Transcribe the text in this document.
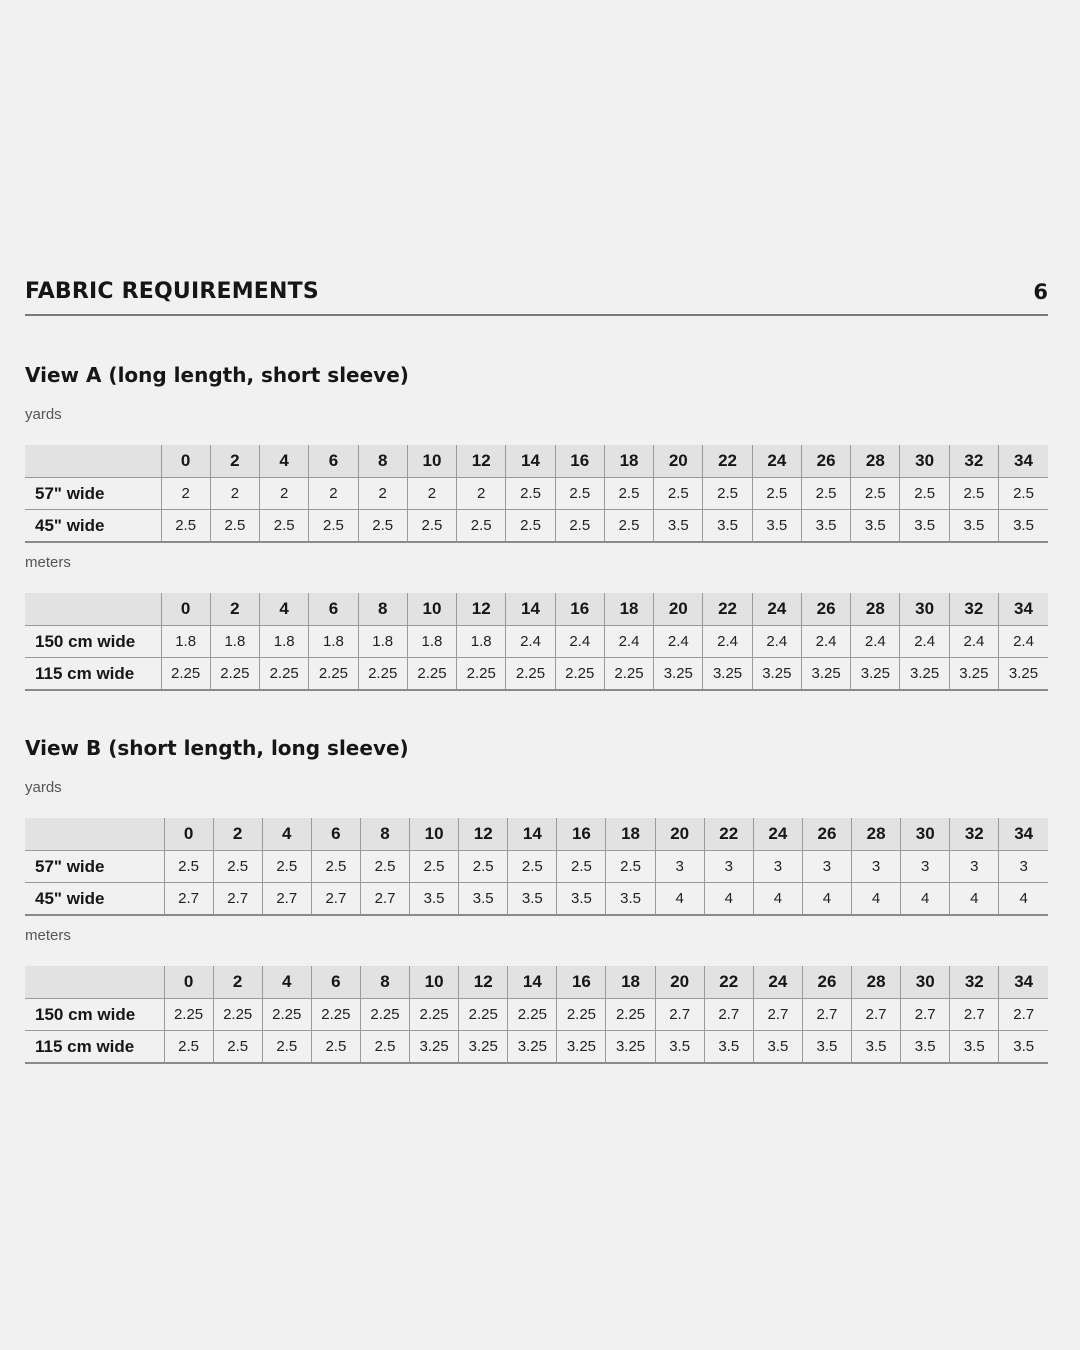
FABRIC REQUIREMENTS	6
View A (long length, short sleeve)

yards

	0	2	4	6	8	10	12	14	16	18	20	22	24	26	28	30	32	34
57" wide	2	2	2	2	2	2	2	2.5	2.5	2.5	2.5	2.5	2.5	2.5	2.5	2.5	2.5	2.5
45" wide	2.5	2.5	2.5	2.5	2.5	2.5	2.5	2.5	2.5	2.5	3.5	3.5	3.5	3.5	3.5	3.5	3.5	3.5

meters

	0	2	4	6	8	10	12	14	16	18	20	22	24	26	28	30	32	34
150 cm wide	1.8	1.8	1.8	1.8	1.8	1.8	1.8	2.4	2.4	2.4	2.4	2.4	2.4	2.4	2.4	2.4	2.4	2.4
115 cm wide	2.25	2.25	2.25	2.25	2.25	2.25	2.25	2.25	2.25	2.25	3.25	3.25	3.25	3.25	3.25	3.25	3.25	3.25
View B (short length, long sleeve)

yards

	0	2	4	6	8	10	12	14	16	18	20	22	24	26	28	30	32	34
57" wide	2.5	2.5	2.5	2.5	2.5	2.5	2.5	2.5	2.5	2.5	3	3	3	3	3	3	3	3
45" wide	2.7	2.7	2.7	2.7	2.7	3.5	3.5	3.5	3.5	3.5	4	4	4	4	4	4	4	4

meters

	0	2	4	6	8	10	12	14	16	18	20	22	24	26	28	30	32	34
150 cm wide	2.25	2.25	2.25	2.25	2.25	2.25	2.25	2.25	2.25	2.25	2.7	2.7	2.7	2.7	2.7	2.7	2.7	2.7
115 cm wide	2.5	2.5	2.5	2.5	2.5	3.25	3.25	3.25	3.25	3.25	3.5	3.5	3.5	3.5	3.5	3.5	3.5	3.5
